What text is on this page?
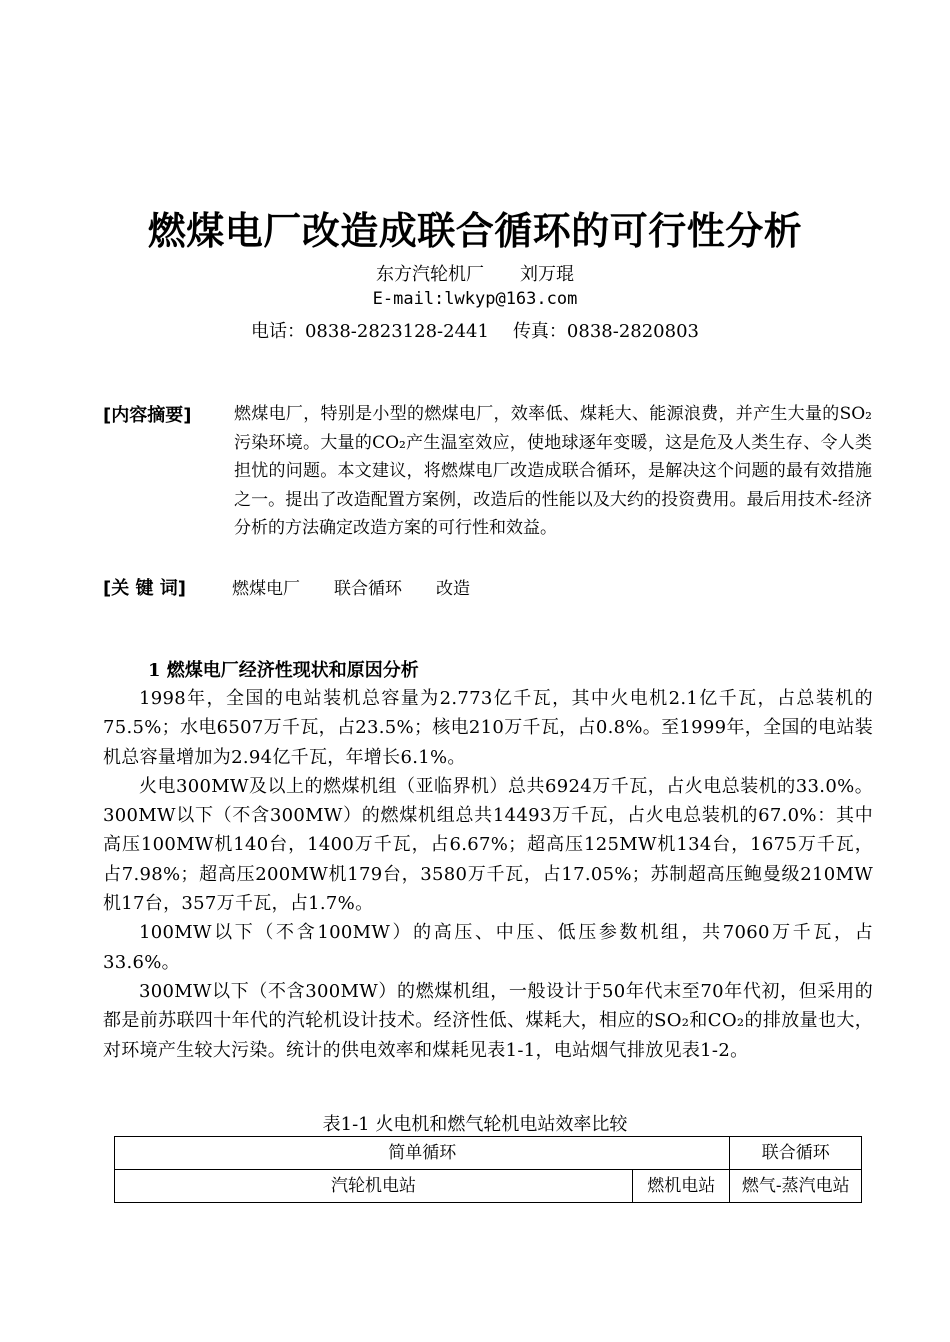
燃煤电厂改造成联合循环的可行性分析
东方汽轮机厂 刘万琨
E-mail:lwkyp@163.com
电话：0838-2823128-2441 传真：0838-2820803
[内容摘要]	燃煤电厂，特别是小型的燃煤电厂，效率低、煤耗大、能源浪费，并产生大量的SO₂污染环境。大量的CO₂产生温室效应，使地球逐年变暖，这是危及人类生存、令人类担忧的问题。本文建议，将燃煤电厂改造成联合循环，是解决这个问题的最有效措施之一。提出了改造配置方案例，改造后的性能以及大约的投资费用。最后用技术-经济分析的方法确定改造方案的可行性和效益。
[关 键 词]	燃煤电厂 联合循环 改造
1 燃煤电厂经济性现状和原因分析

1998年，全国的电站装机总容量为2.773亿千瓦，其中火电机2.1亿千瓦，占总装机的75.5%；水电6507万千瓦，占23.5%；核电210万千瓦，占0.8%。至1999年，全国的电站装机总容量增加为2.94亿千瓦，年增长6.1%。

火电300MW及以上的燃煤机组（亚临界机）总共6924万千瓦，占火电总装机的33.0%。300MW以下（不含300MW）的燃煤机组总共14493万千瓦，占火电总装机的67.0%：其中高压100MW机140台，1400万千瓦，占6.67%；超高压125MW机134台，1675万千瓦，占7.98%；超高压200MW机179台，3580万千瓦，占17.05%；苏制超高压鲍曼级210MW机17台，357万千瓦，占1.7%。

100MW以下（不含100MW）的高压、中压、低压参数机组，共7060万千瓦，占33.6%。

300MW以下（不含300MW）的燃煤机组，一般设计于50年代末至70年代初，但采用的都是前苏联四十年代的汽轮机设计技术。经济性低、煤耗大，相应的SO₂和CO₂的排放量也大，对环境产生较大污染。统计的供电效率和煤耗见表1-1，电站烟气排放见表1-2。

表1-1 火电机和燃气轮机电站效率比较
简单循环		联合循环
汽轮机电站	燃机电站	燃气-蒸汽电站
